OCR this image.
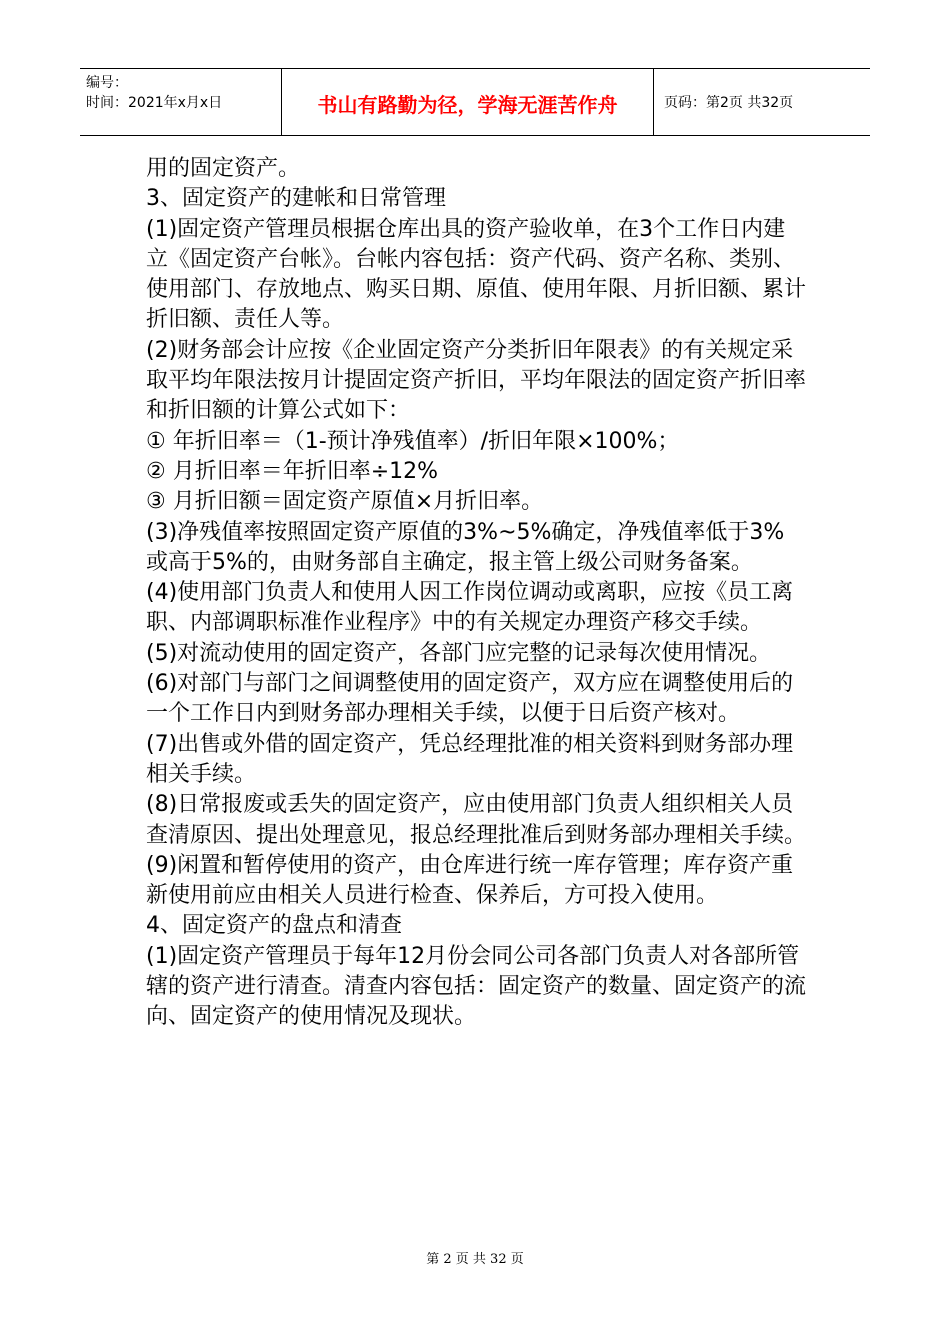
编号：
时间：2021年x月x日	书山有路勤为径，学海无涯苦作舟	页码：第2页 共32页

用的固定资产。

3、固定资产的建帐和日常管理

(1)固定资产管理员根据仓库出具的资产验收单，在3个工作日内建立《固定资产台帐》。台帐内容包括：资产代码、资产名称、类别、使用部门、存放地点、购买日期、原值、使用年限、月折旧额、累计折旧额、责任人等。

(2)财务部会计应按《企业固定资产分类折旧年限表》的有关规定采取平均年限法按月计提固定资产折旧，平均年限法的固定资产折旧率和折旧额的计算公式如下：

① 年折旧率＝（1-预计净残值率）/折旧年限×100%；

② 月折旧率＝年折旧率÷12%

③ 月折旧额＝固定资产原值×月折旧率。

(3)净残值率按照固定资产原值的3%~5%确定，净残值率低于3%或高于5%的，由财务部自主确定，报主管上级公司财务备案。

(4)使用部门负责人和使用人因工作岗位调动或离职，应按《员工离职、内部调职标准作业程序》中的有关规定办理资产移交手续。

(5)对流动使用的固定资产，各部门应完整的记录每次使用情况。

(6)对部门与部门之间调整使用的固定资产，双方应在调整使用后的一个工作日内到财务部办理相关手续，以便于日后资产核对。

(7)出售或外借的固定资产，凭总经理批准的相关资料到财务部办理相关手续。

(8)日常报废或丢失的固定资产，应由使用部门负责人组织相关人员查清原因、提出处理意见，报总经理批准后到财务部办理相关手续。

(9)闲置和暂停使用的资产，由仓库进行统一库存管理；库存资产重新使用前应由相关人员进行检查、保养后，方可投入使用。

4、固定资产的盘点和清查

(1)固定资产管理员于每年12月份会同公司各部门负责人对各部所管辖的资产进行清查。清查内容包括：固定资产的数量、固定资产的流向、固定资产的使用情况及现状。

第 2 页 共 32 页
